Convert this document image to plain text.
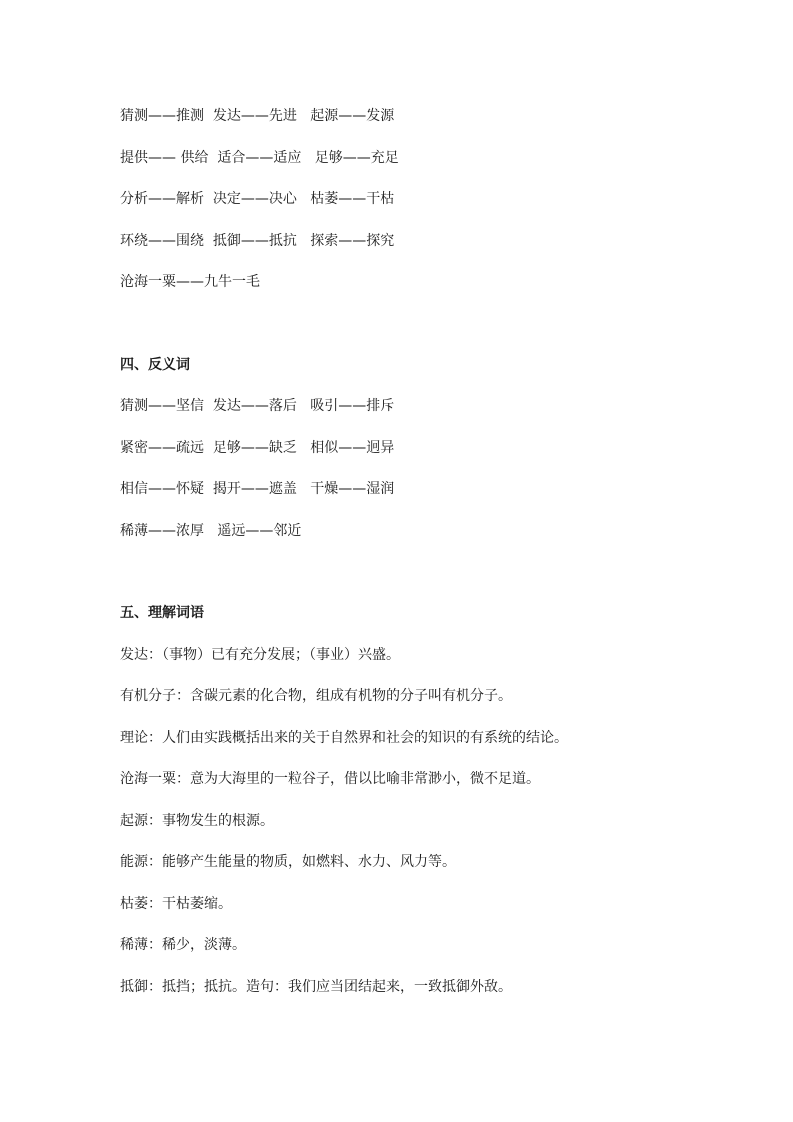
猜测——推测  发达——先进   起源——发源
提供—— 供给  适合——适应   足够——充足
分析——解析  决定——决心   枯萎——干枯
环绕——围绕  抵御——抵抗   探索——探究
沧海一粟——九牛一毛
四、反义词
猜测——坚信  发达——落后   吸引——排斥
紧密——疏远  足够——缺乏   相似——迥异
相信——怀疑  揭开——遮盖   干燥——湿润
稀薄——浓厚   遥远——邻近
五、理解词语
发达：（事物）已有充分发展；（事业）兴盛。
有机分子：含碳元素的化合物，组成有机物的分子叫有机分子。
理论：人们由实践概括出来的关于自然界和社会的知识的有系统的结论。
沧海一粟：意为大海里的一粒谷子，借以比喻非常渺小，微不足道。
起源：事物发生的根源。
能源：能够产生能量的物质，如燃料、水力、风力等。
枯萎：干枯萎缩。
稀薄：稀少，淡薄。
抵御：抵挡；抵抗。造句：我们应当团结起来，一致抵御外敌。
